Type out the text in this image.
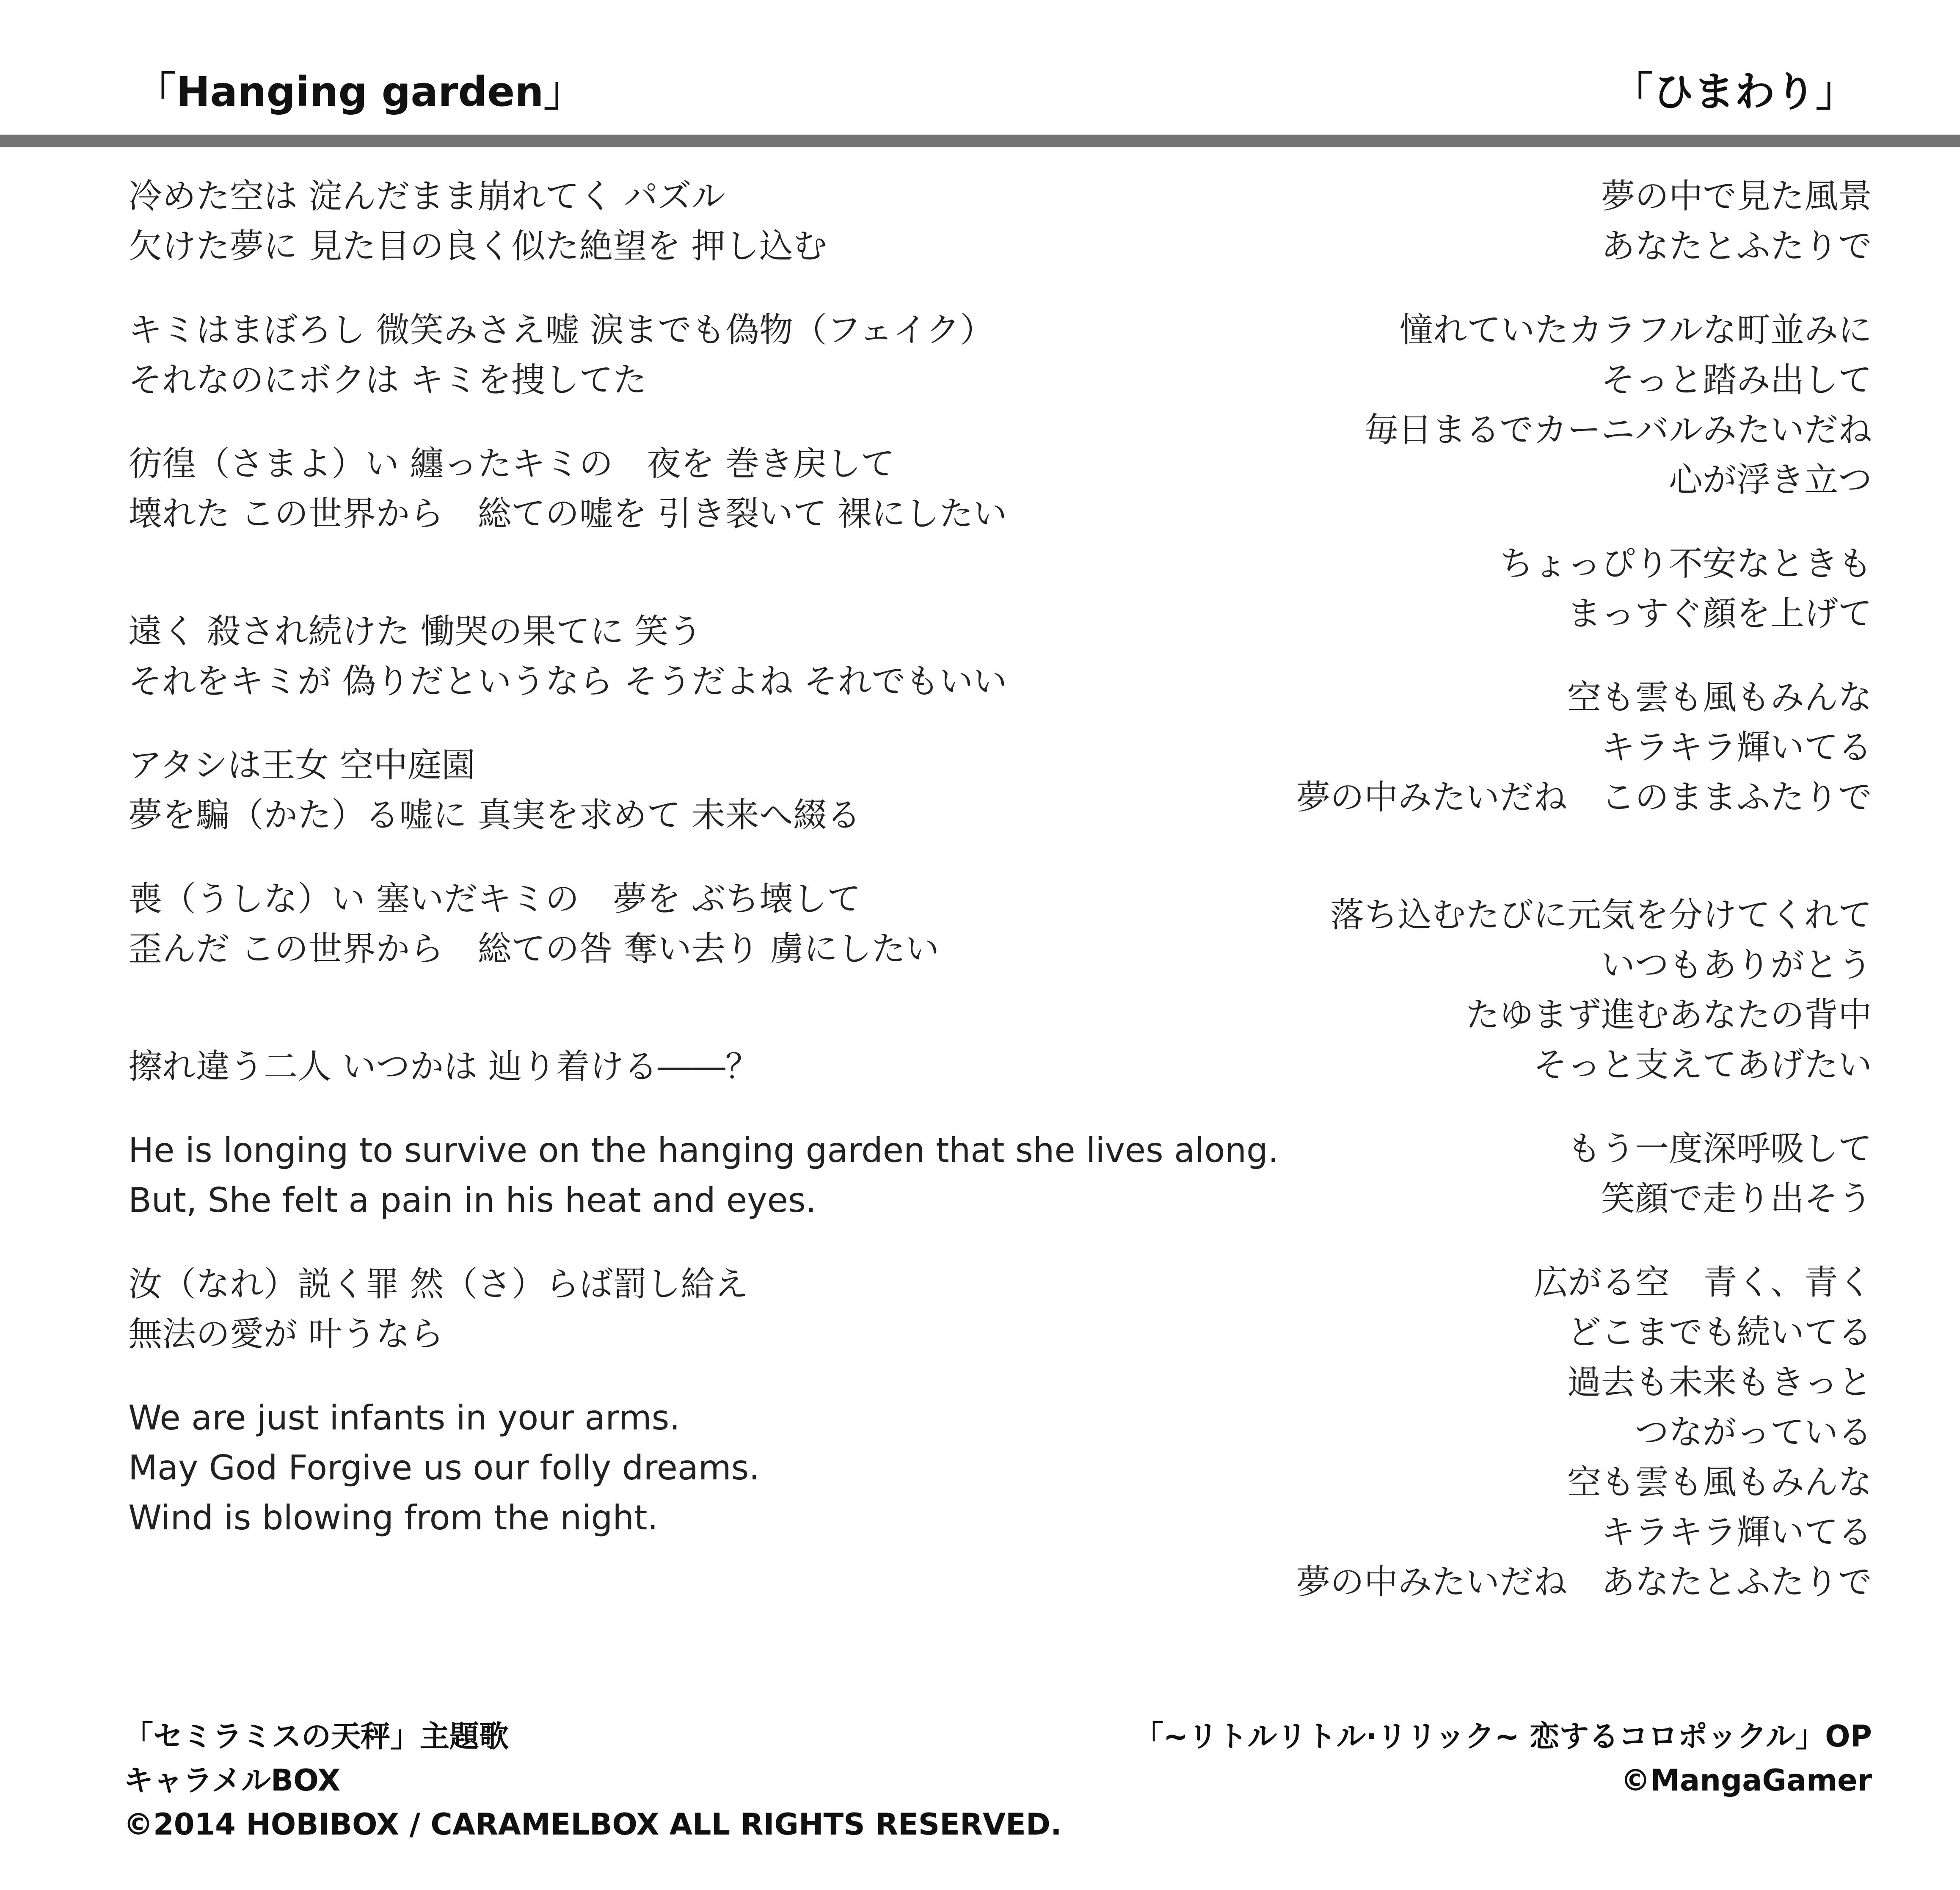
「Hanging garden」	「ひまわり」
冷めた空は 淀んだまま崩れてく パズル
欠けた夢に 見た目の良く似た絶望を 押し込む
キミはまぼろし 微笑みさえ嘘 涙までも偽物（フェイク）
それなのにボクは キミを捜してた
彷徨（さまよ）い 纏ったキミの　夜を 巻き戻して
壊れた この世界から　総ての嘘を 引き裂いて 裸にしたい
遠く 殺され続けた 慟哭の果てに 笑う
それをキミが 偽りだというなら そうだよね それでもいい
アタシは王女 空中庭園
夢を騙（かた）る嘘に 真実を求めて 未来へ綴る
喪（うしな）い 塞いだキミの　夢を ぶち壊して
歪んだ この世界から　総ての咎 奪い去り 虜にしたい
擦れ違う二人 いつかは 辿り着ける――？
He is longing to survive on the hanging garden that she lives along.
But, She felt a pain in his heat and eyes.
汝（なれ）説く罪 然（さ）らば罰し給え
無法の愛が 叶うなら
We are just infants in your arms.
May God Forgive us our folly dreams.
Wind is blowing from the night.
夢の中で見た風景
あなたとふたりで
憧れていたカラフルな町並みに
そっと踏み出して
毎日まるでカーニバルみたいだね
心が浮き立つ
ちょっぴり不安なときも
まっすぐ顔を上げて
空も雲も風もみんな
キラキラ輝いてる
夢の中みたいだね　このままふたりで
落ち込むたびに元気を分けてくれて
いつもありがとう
たゆまず進むあなたの背中
そっと支えてあげたい
もう一度深呼吸して
笑顔で走り出そう
広がる空　青く、青く
どこまでも続いてる
過去も未来もきっと
つながっている
空も雲も風もみんな
キラキラ輝いてる
夢の中みたいだね　あなたとふたりで
「セミラミスの天秤」主題歌
キャラメルBOX
©2014 HOBIBOX / CARAMELBOX ALL RIGHTS RESERVED.
「~リトルリトル·リリック~ 恋するコロポックル」OP
©MangaGamer
